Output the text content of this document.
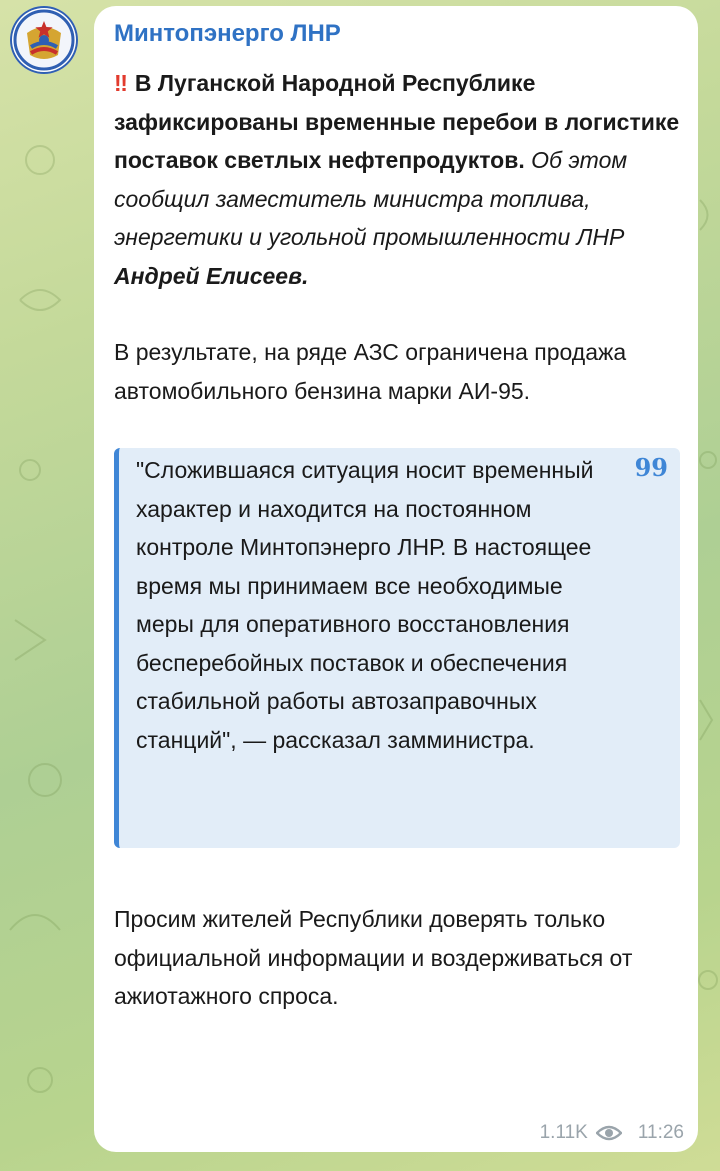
Минтопэнерго ЛНР
‼ В Луганской Народной Республике зафиксированы временные перебои в логистике поставок светлых нефтепродуктов. Об этом сообщил заместитель министра топлива, энергетики и угольной промышленности ЛНР Андрей Елисеев.
В результате, на ряде АЗС ограничена продажа автомобильного бензина марки АИ-95.
99
"Сложившаяся ситуация носит временный характер и находится на постоянном контроле Минтопэнерго ЛНР. В настоящее время мы принимаем все необходимые меры для оперативного восстановления бесперебойных поставок и обеспечения стабильной работы автозаправочных станций", — рассказал замминистра.
Просим жителей Республики доверять только официальной информации и воздерживаться от ажиотажного спроса.
1.11K	11:26
